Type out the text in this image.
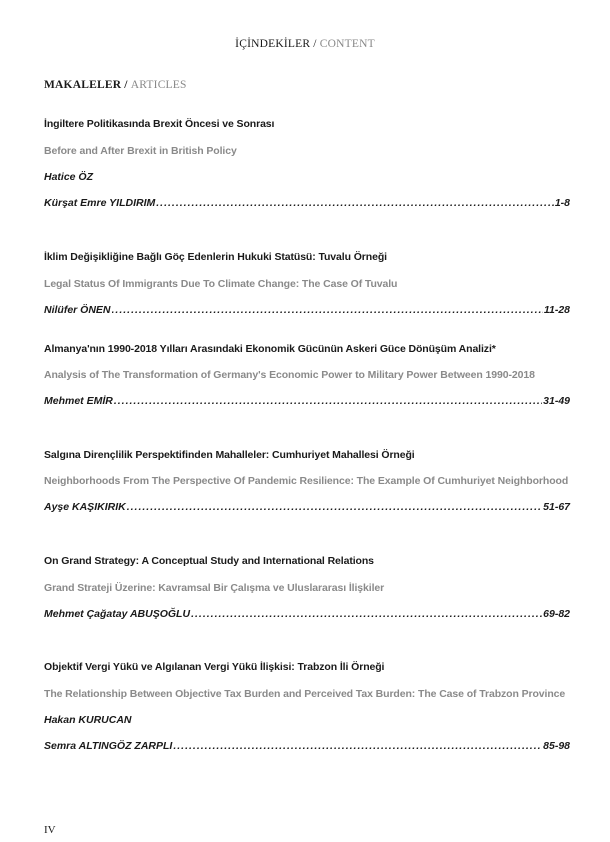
İÇİNDEKİLER / CONTENT
MAKALELER / ARTICLES

İngiltere Politikasında Brexit Öncesi ve Sonrası

Before and After Brexit in British Policy

Hatice ÖZ

Kürşat Emre YILDIRIM .....	1-8

İklim Değişikliğine Bağlı Göç Edenlerin Hukuki Statüsü: Tuvalu Örneği

Legal Status Of Immigrants Due To Climate Change: The Case Of Tuvalu

Nilüfer ÖNEN .....	11-28

Almanya'nın 1990-2018 Yılları Arasındaki Ekonomik Gücünün Askeri Güce Dönüşüm Analizi*

Analysis of The Transformation of Germany's Economic Power to Military Power Between 1990-2018

Mehmet EMİR .....	31-49

Salgına Dirençlilik Perspektifinden Mahalleler: Cumhuriyet Mahallesi Örneği

Neighborhoods From The Perspective Of Pandemic Resilience: The Example Of Cumhuriyet Neighborhood

Ayşe KAŞIKIRIK .....	51-67

On Grand Strategy: A Conceptual Study and International Relations

Grand Strateji Üzerine: Kavramsal Bir Çalışma ve Uluslararası İlişkiler

Mehmet Çağatay ABUŞOĞLU .....	69-82

Objektif Vergi Yükü ve Algılanan Vergi Yükü İlişkisi: Trabzon İli Örneği

The Relationship Between Objective Tax Burden and Perceived Tax Burden: The Case of Trabzon Province

Hakan KURUCAN

Semra ALTINGÖZ ZARPLI .....	85-98
IV
